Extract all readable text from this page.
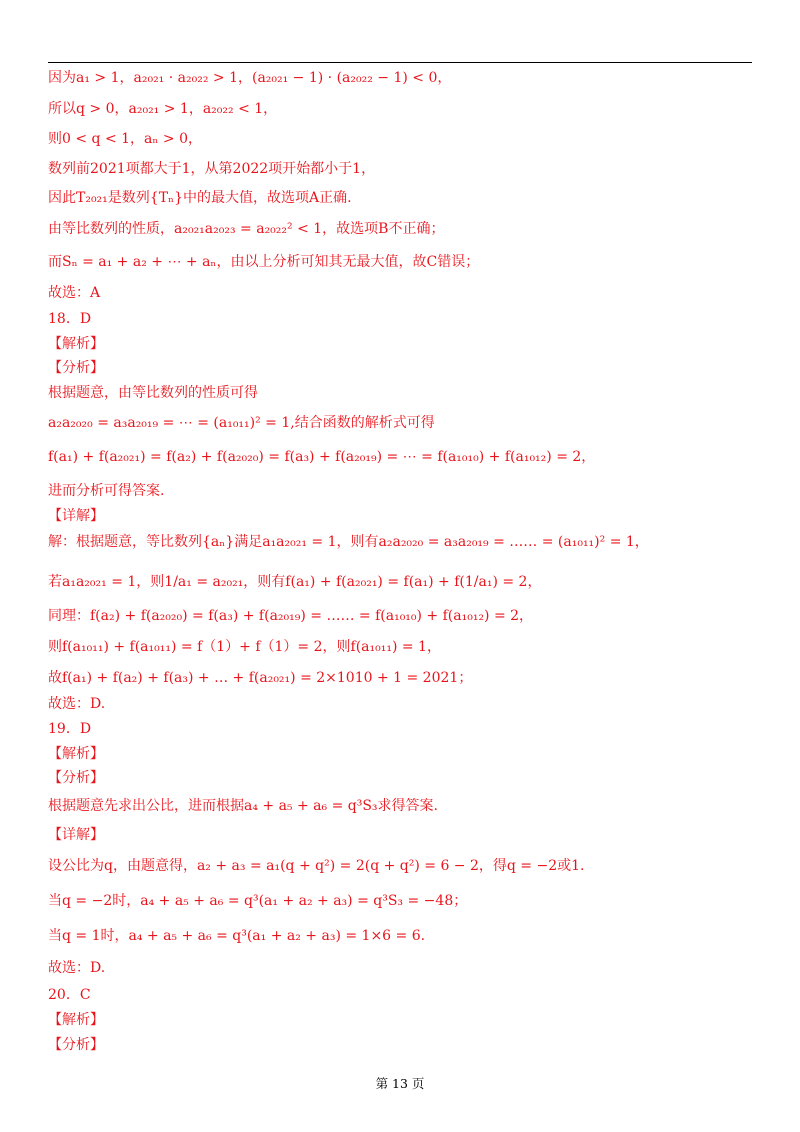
因为a₁ > 1，a₂₀₂₁ · a₂₀₂₂ > 1，(a₂₀₂₁ − 1) · (a₂₀₂₂ − 1) < 0，
所以q > 0，a₂₀₂₁ > 1，a₂₀₂₂ < 1，
则0 < q < 1，aₙ > 0，
数列前2021项都大于1，从第2022项开始都小于1，
因此T₂₀₂₁是数列{Tₙ}中的最大值，故选项A正确.
由等比数列的性质，a₂₀₂₁a₂₀₂₃ = a₂₀₂₂² < 1，故选项B不正确；
而Sₙ = a₁ + a₂ + ⋯ + aₙ，由以上分析可知其无最大值，故C错误；
故选：A
18．D
【解析】
【分析】
根据题意，由等比数列的性质可得
a₂a₂₀₂₀ = a₃a₂₀₁₉ = ⋯ = (a₁₀₁₁)² = 1,结合函数的解析式可得
f(a₁) + f(a₂₀₂₁) = f(a₂) + f(a₂₀₂₀) = f(a₃) + f(a₂₀₁₉) = ⋯ = f(a₁₀₁₀) + f(a₁₀₁₂) = 2，
进而分析可得答案.
【详解】
解：根据题意，等比数列{aₙ}满足a₁a₂₀₂₁ = 1，则有a₂a₂₀₂₀ = a₃a₂₀₁₉ = …… = (a₁₀₁₁)² = 1，
若a₁a₂₀₂₁ = 1，则1/a₁ = a₂₀₂₁，则有f(a₁) + f(a₂₀₂₁) = f(a₁) + f(1/a₁) = 2，
同理：f(a₂) + f(a₂₀₂₀) = f(a₃) + f(a₂₀₁₉) = …… = f(a₁₀₁₀) + f(a₁₀₁₂) = 2，
则f(a₁₀₁₁) + f(a₁₀₁₁) = f（1）+ f（1）= 2，则f(a₁₀₁₁) = 1，
故f(a₁) + f(a₂) + f(a₃) + … + f(a₂₀₂₁) = 2×1010 + 1 = 2021；
故选：D.
19．D
【解析】
【分析】
根据题意先求出公比，进而根据a₄ + a₅ + a₆ = q³S₃求得答案.
【详解】
设公比为q，由题意得，a₂ + a₃ = a₁(q + q²) = 2(q + q²) = 6 − 2，得q = −2或1.
当q = −2时，a₄ + a₅ + a₆ = q³(a₁ + a₂ + a₃) = q³S₃ = −48；
当q = 1时，a₄ + a₅ + a₆ = q³(a₁ + a₂ + a₃) = 1×6 = 6.
故选：D.
20．C
【解析】
【分析】
第 13 页
